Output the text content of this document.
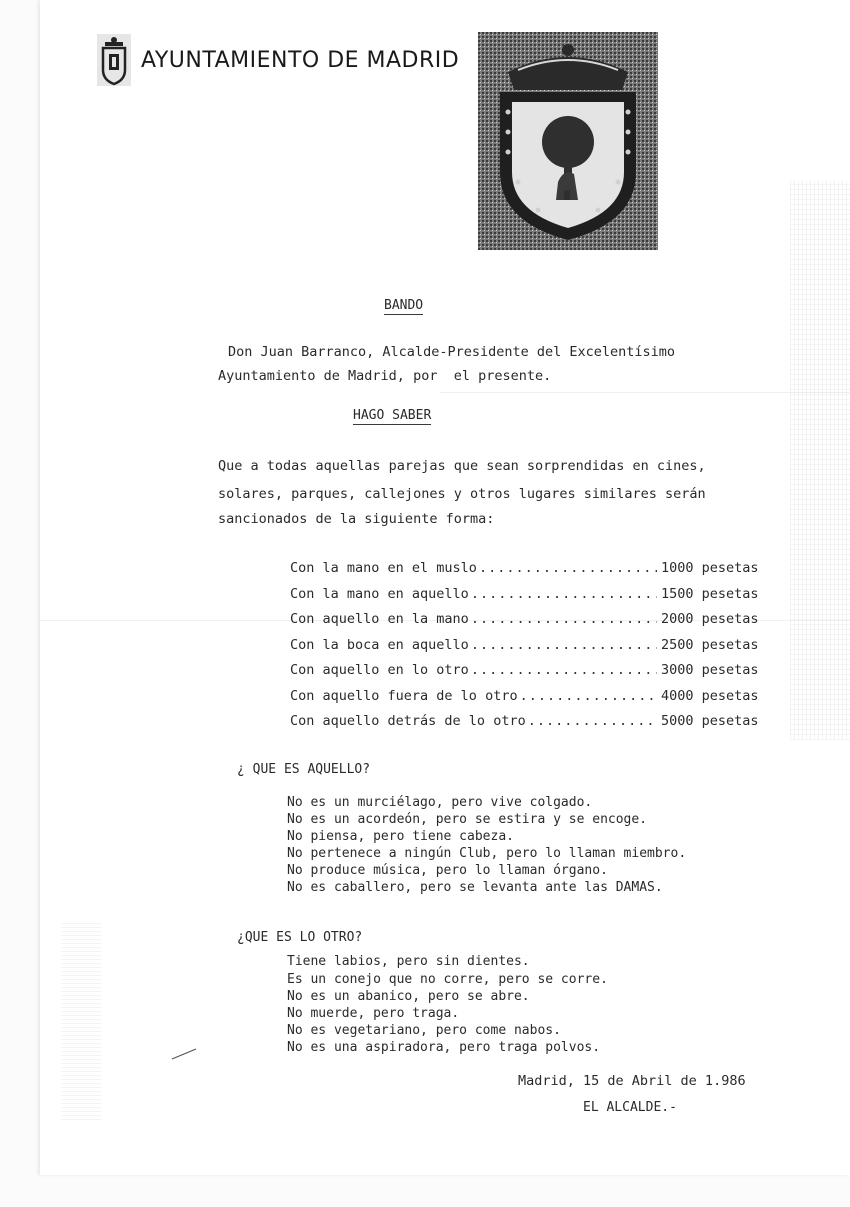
AYUNTAMIENTO DE MADRID
BANDO
Don Juan Barranco, Alcalde-Presidente del Excelentísimo
Ayuntamiento de Madrid, por  el presente.
HAGO SABER
Que a todas aquellas parejas que sean sorprendidas en cines,
solares, parques, callejones y otros lugares similares serán
sancionados de la siguiente forma:
Con la mano en el muslo .....	1000 pesetas
Con la mano en aquello .....	1500 pesetas
Con aquello en la mano .....	2000 pesetas
Con la boca en aquello .....	2500 pesetas
Con aquello en lo otro .....	3000 pesetas
Con aquello fuera de lo otro .....	4000 pesetas
Con aquello detrás de lo otro .....	5000 pesetas
¿ QUE ES AQUELLO?
No es un murciélago, pero vive colgado.
No es un acordeón, pero se estira y se encoge.
No piensa, pero tiene cabeza.
No pertenece a ningún Club, pero lo llaman miembro.
No produce música, pero lo llaman órgano.
No es caballero, pero se levanta ante las DAMAS.
¿QUE ES LO OTRO?
Tiene labios, pero sin dientes.
Es un conejo que no corre, pero se corre.
No es un abanico, pero se abre.
No muerde, pero traga.
No es vegetariano, pero come nabos.
No es una aspiradora, pero traga polvos.
Madrid, 15 de Abril de 1.986
EL ALCALDE.-
